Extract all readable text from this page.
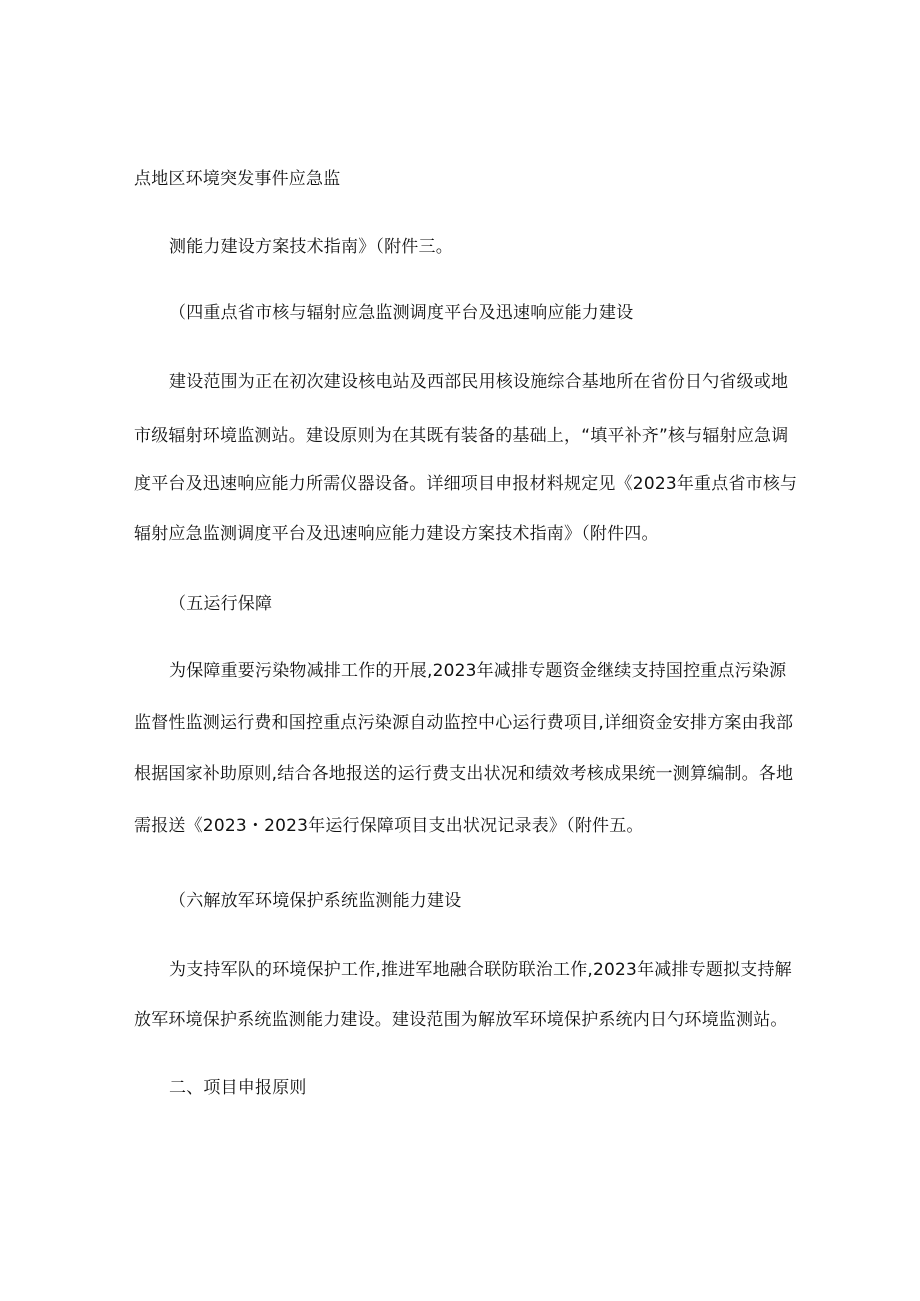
点地区环境突发事件应急监
测能力建设方案技术指南》（附件三。
（四重点省市核与辐射应急监测调度平台及迅速响应能力建设
建设范围为正在初次建设核电站及西部民用核设施综合基地所在省份日勺省级或地
市级辐射环境监测站。建设原则为在其既有装备的基础上，“填平补齐”核与辐射应急调
度平台及迅速响应能力所需仪器设备。详细项目申报材料规定见《2023年重点省市核与
辐射应急监测调度平台及迅速响应能力建设方案技术指南》（附件四。
（五运行保障
为保障重要污染物减排工作的开展,2023年减排专题资金继续支持国控重点污染源
监督性监测运行费和国控重点污染源自动监控中心运行费项目,详细资金安排方案由我部
根据国家补助原则,结合各地报送的运行费支出状况和绩效考核成果统一测算编制。各地
需报送《2023・2023年运行保障项目支出状况记录表》（附件五。
（六解放军环境保护系统监测能力建设
为支持军队的环境保护工作,推进军地融合联防联治工作,2023年减排专题拟支持解
放军环境保护系统监测能力建设。建设范围为解放军环境保护系统内日勺环境监测站。
二、项目申报原则
